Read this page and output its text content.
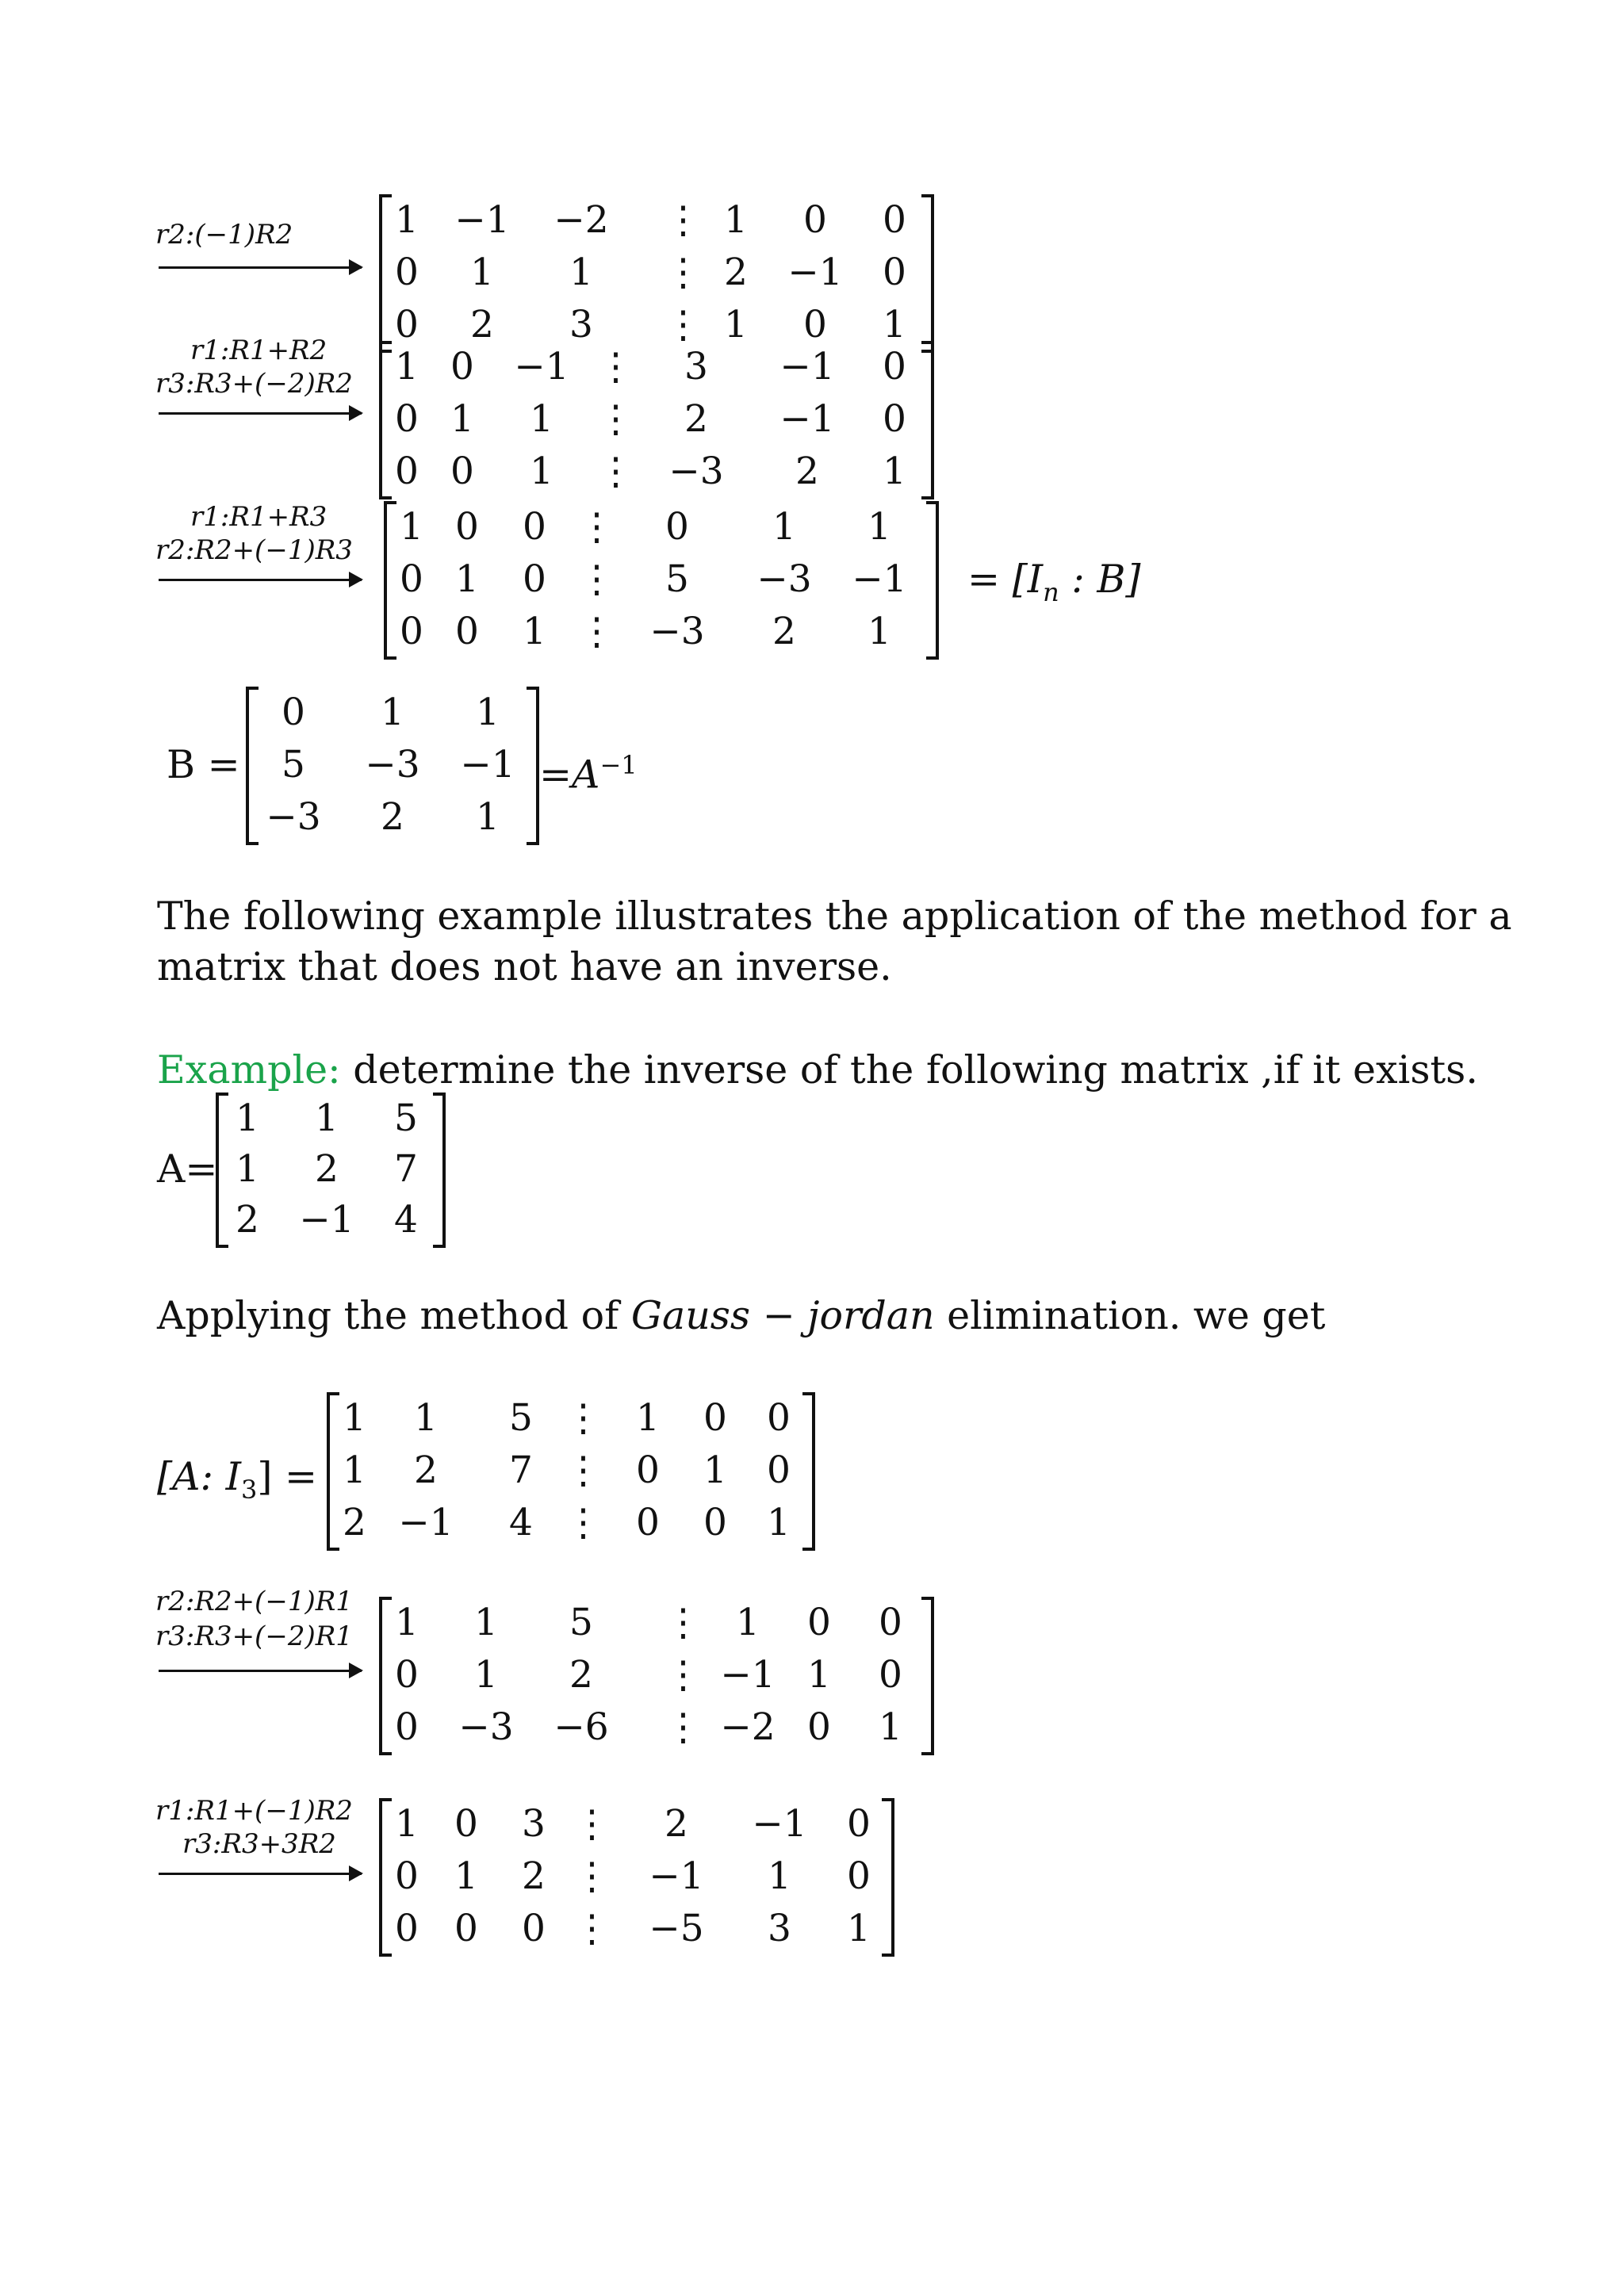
r2:(−1)R2	1 −1	−2	⋮ 1	0	0
0	1	1	⋮ 2	−1	0
0	2	3	⋮ 1	0	1
r1:R1+R2
r3:R3+(−2)R2	1 0	−1 ⋮	3	−1	0
0 1	1	⋮	2	−1	0
0 0	1	⋮ −3	2	1
r1:R1+R3
r2:R2+(−1)R3
1 0	0 ⋮	0	1	1
0 1	0 ⋮	5	−3	−1
0 0	1 ⋮ −3	2	1
= [$I_n$ : B]
B =
0	1	1
5	−3	−1
−3	2	1
$=A^{-1}$
The following example illustrates the application of the method for a
matrix that does not have an inverse.
Example: determine the inverse of the following matrix ,if it exists.
A=
1	1	5
1	2	7
2	−1	4
Applying the method of Gauss − jordan elimination. we get
[A: $I_3$] =
1	1	5 ⋮ 1	0	0
1	2	7 ⋮ 0	1	0
2 −1	4 ⋮ 0	0	1
r2:R2+(−1)R1
r3:R3+(−2)R1	1	1	5	⋮ 1	0	0
0	1	2	⋮ −1 1	0
0	−3	−6	⋮ −2 0	1
r1:R1+(−1)R2
r3:R3+3R2	1 0	3 ⋮	2	−1	0
0 1	2 ⋮	−1	1	0
0 0	0 ⋮	−5	3	1
